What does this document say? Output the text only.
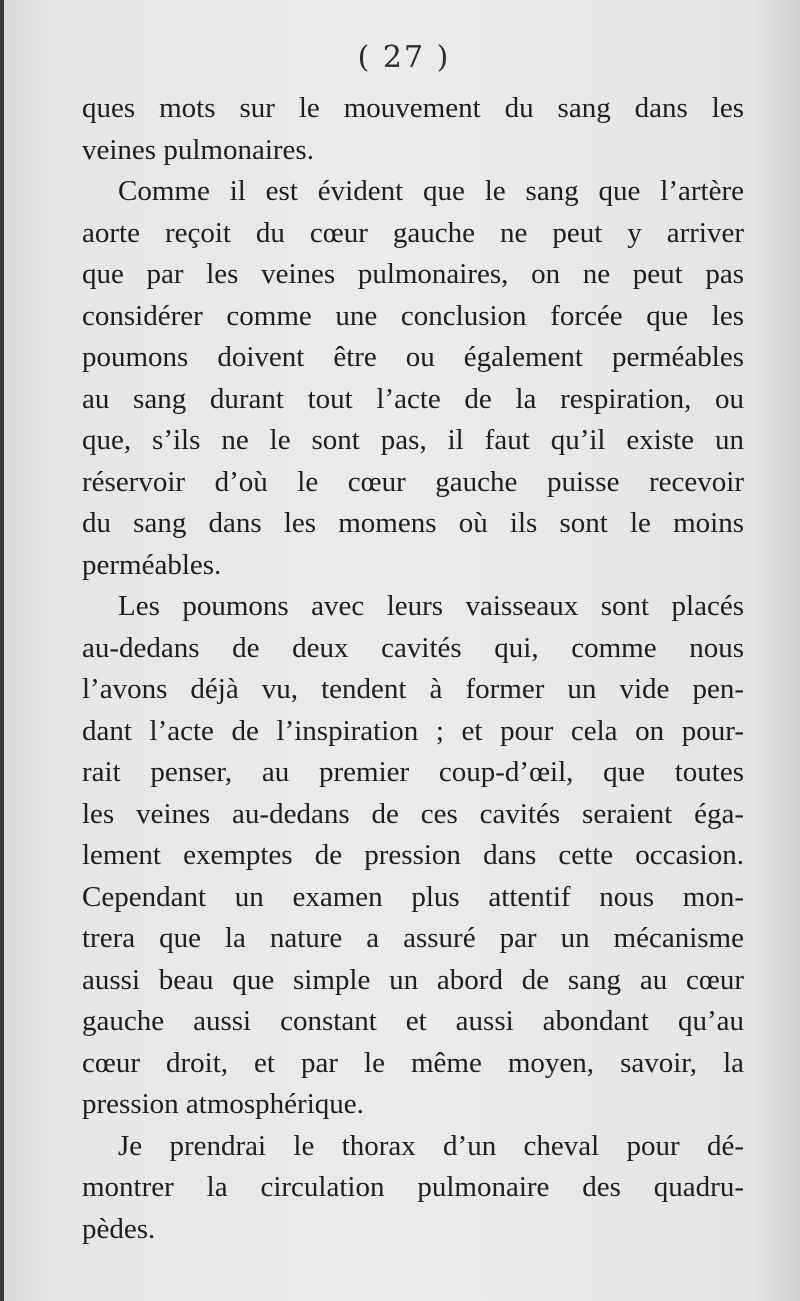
( 27 )
ques mots sur le mouvement du sang dans les
veines pulmonaires.
Comme il est évident que le sang que l’artère
aorte reçoit du cœur gauche ne peut y arriver
que par les veines pulmonaires, on ne peut pas
considérer comme une conclusion forcée que les
poumons doivent être ou également perméables
au sang durant tout l’acte de la respiration, ou
que, s’ils ne le sont pas, il faut qu’il existe un
réservoir d’où le cœur gauche puisse recevoir
du sang dans les momens où ils sont le moins
perméables.
Les poumons avec leurs vaisseaux sont placés
au-dedans de deux cavités qui, comme nous
l’avons déjà vu, tendent à former un vide pen-
dant l’acte de l’inspiration ; et pour cela on pour-
rait penser, au premier coup-d’œil, que toutes
les veines au-dedans de ces cavités seraient éga-
lement exemptes de pression dans cette occasion.
Cependant un examen plus attentif nous mon-
trera que la nature a assuré par un mécanisme
aussi beau que simple un abord de sang au cœur
gauche aussi constant et aussi abondant qu’au
cœur droit, et par le même moyen, savoir, la
pression atmosphérique.
Je prendrai le thorax d’un cheval pour dé-
montrer la circulation pulmonaire des quadru-
pèdes.
